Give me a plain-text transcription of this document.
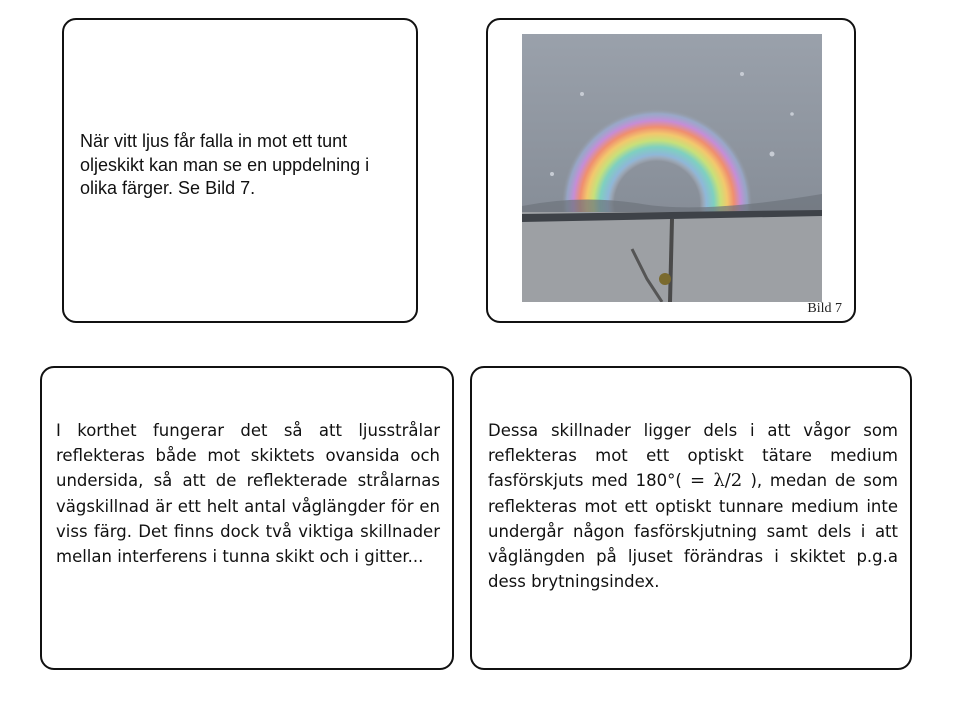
När vitt ljus får falla in mot ett tunt
oljeskikt kan man se en uppdelning i
olika färger. Se Bild 7.
Bild 7
I korthet fungerar det så att ljusstrålar reflekteras både mot skiktets ovansida och undersida, så att de reflekterade strålarnas vägskillnad är ett helt antal våglängder för en viss färg. Det finns dock två viktiga skillnader mellan interferens i tunna skikt och i gitter...
Dessa skillnader ligger dels i att vågor som reflekteras mot ett optiskt tätare medium fasförskjuts med 180°( = λ/2 ), medan de som reflekteras mot ett optiskt tunnare medium inte undergår någon fasförskjutning samt dels i att våglängden på ljuset förändras i skiktet p.g.a dess brytningsindex.
